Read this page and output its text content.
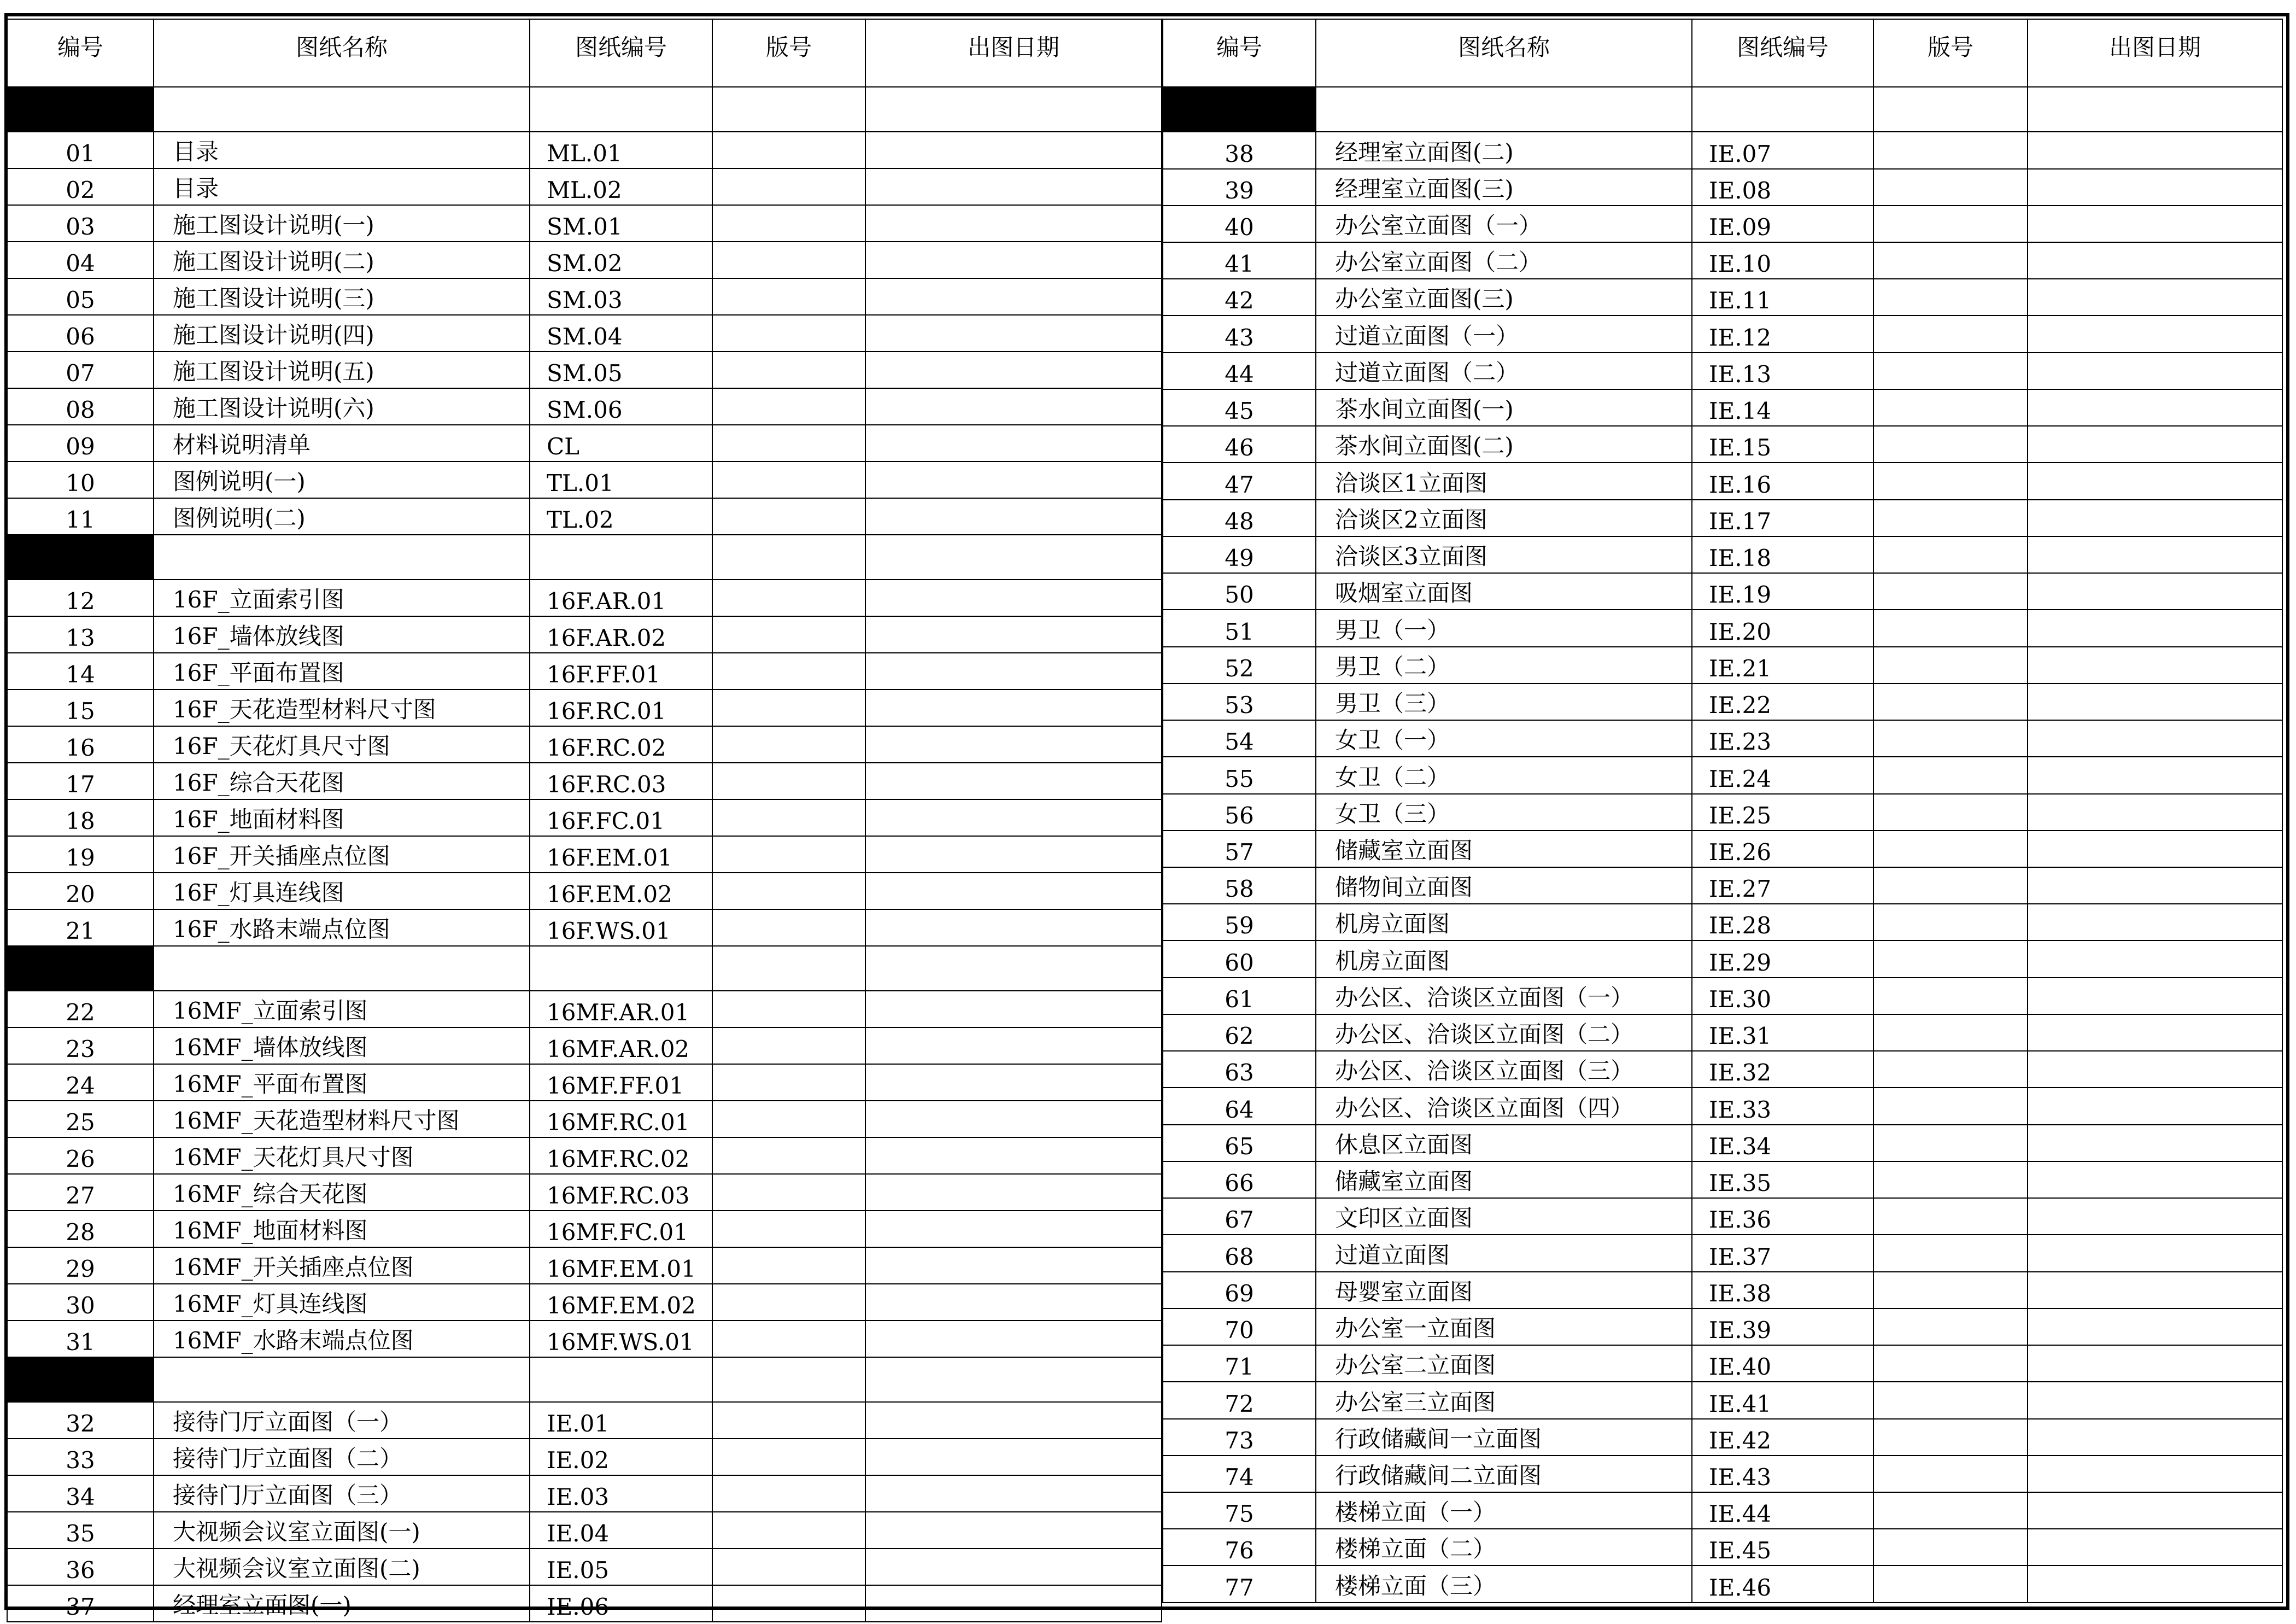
编号	图纸名称	图纸编号	版号	出图日期

01	目录	ML.01		
02	目录	ML.02		
03	施工图设计说明(一)	SM.01		
04	施工图设计说明(二)	SM.02		
05	施工图设计说明(三)	SM.03		
06	施工图设计说明(四)	SM.04		
07	施工图设计说明(五)	SM.05		
08	施工图设计说明(六)	SM.06		
09	材料说明清单	CL		
10	图例说明(一)	TL.01		
11	图例说明(二)	TL.02		

12	16F_立面索引图	16F.AR.01		
13	16F_墙体放线图	16F.AR.02		
14	16F_平面布置图	16F.FF.01		
15	16F_天花造型材料尺寸图	16F.RC.01		
16	16F_天花灯具尺寸图	16F.RC.02		
17	16F_综合天花图	16F.RC.03		
18	16F_地面材料图	16F.FC.01		
19	16F_开关插座点位图	16F.EM.01		
20	16F_灯具连线图	16F.EM.02		
21	16F_水路末端点位图	16F.WS.01		

22	16MF_立面索引图	16MF.AR.01		
23	16MF_墙体放线图	16MF.AR.02		
24	16MF_平面布置图	16MF.FF.01		
25	16MF_天花造型材料尺寸图	16MF.RC.01		
26	16MF_天花灯具尺寸图	16MF.RC.02		
27	16MF_综合天花图	16MF.RC.03		
28	16MF_地面材料图	16MF.FC.01		
29	16MF_开关插座点位图	16MF.EM.01		
30	16MF_灯具连线图	16MF.EM.02		
31	16MF_水路末端点位图	16MF.WS.01		

32	接待门厅立面图（一）	IE.01		
33	接待门厅立面图（二）	IE.02		
34	接待门厅立面图（三）	IE.03		
35	大视频会议室立面图(一)	IE.04		
36	大视频会议室立面图(二)	IE.05		
37	经理室立面图(一)	IE.06		
编号	图纸名称	图纸编号	版号	出图日期

38	经理室立面图(二)	IE.07		
39	经理室立面图(三)	IE.08		
40	办公室立面图（一）	IE.09		
41	办公室立面图（二）	IE.10		
42	办公室立面图(三)	IE.11		
43	过道立面图（一）	IE.12		
44	过道立面图（二）	IE.13		
45	茶水间立面图(一)	IE.14		
46	茶水间立面图(二)	IE.15		
47	洽谈区1立面图	IE.16		
48	洽谈区2立面图	IE.17		
49	洽谈区3立面图	IE.18		
50	吸烟室立面图	IE.19		
51	男卫（一）	IE.20		
52	男卫（二）	IE.21		
53	男卫（三）	IE.22		
54	女卫（一）	IE.23		
55	女卫（二）	IE.24		
56	女卫（三）	IE.25		
57	储藏室立面图	IE.26		
58	储物间立面图	IE.27		
59	机房立面图	IE.28		
60	机房立面图	IE.29		
61	办公区、洽谈区立面图（一）	IE.30		
62	办公区、洽谈区立面图（二）	IE.31		
63	办公区、洽谈区立面图（三）	IE.32		
64	办公区、洽谈区立面图（四）	IE.33		
65	休息区立面图	IE.34		
66	储藏室立面图	IE.35		
67	文印区立面图	IE.36		
68	过道立面图	IE.37		
69	母婴室立面图	IE.38		
70	办公室一立面图	IE.39		
71	办公室二立面图	IE.40		
72	办公室三立面图	IE.41		
73	行政储藏间一立面图	IE.42		
74	行政储藏间二立面图	IE.43		
75	楼梯立面（一）	IE.44		
76	楼梯立面（二）	IE.45		
77	楼梯立面（三）	IE.46		
